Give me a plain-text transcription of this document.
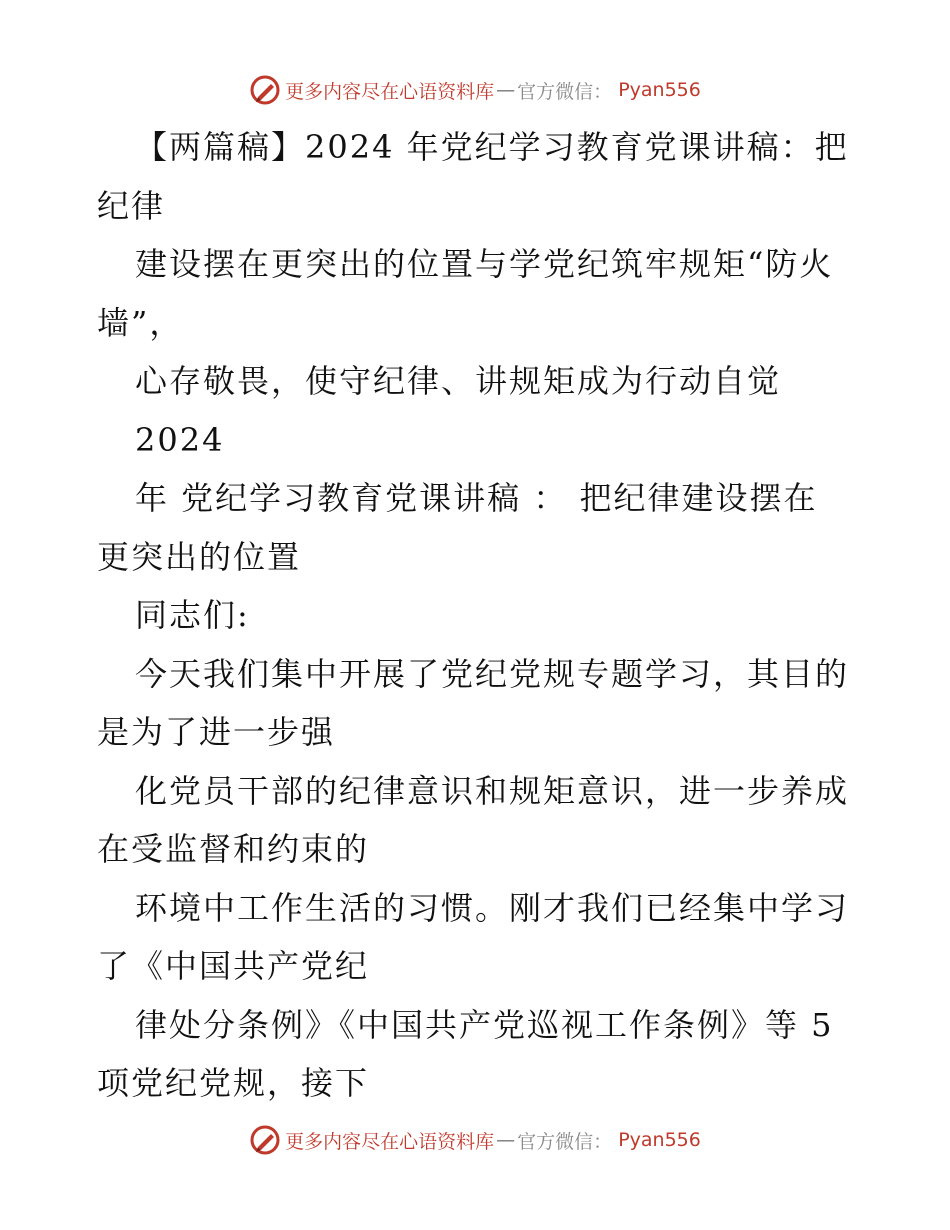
更多内容尽在心语资料库 — 官方微信： Pyan556
【两篇稿】2024 年党纪学习教育党课讲稿：把
纪律
建设摆在更突出的位置与学党纪筑牢规矩“防火
墙”，
心存敬畏，使守纪律、讲规矩成为行动自觉
2024
年 党纪学习教育党课讲稿 ： 把纪律建设摆在
更突出的位置
同志们:
今天我们集中开展了党纪党规专题学习，其目的
是为了进一步强
化党员干部的纪律意识和规矩意识，进一步养成
在受监督和约束的
环境中工作生活的习惯。刚才我们已经集中学习
了《中国共产党纪
律处分条例》《中国共产党巡视工作条例》等 5
项党纪党规，接下
更多内容尽在心语资料库 — 官方微信： Pyan556
